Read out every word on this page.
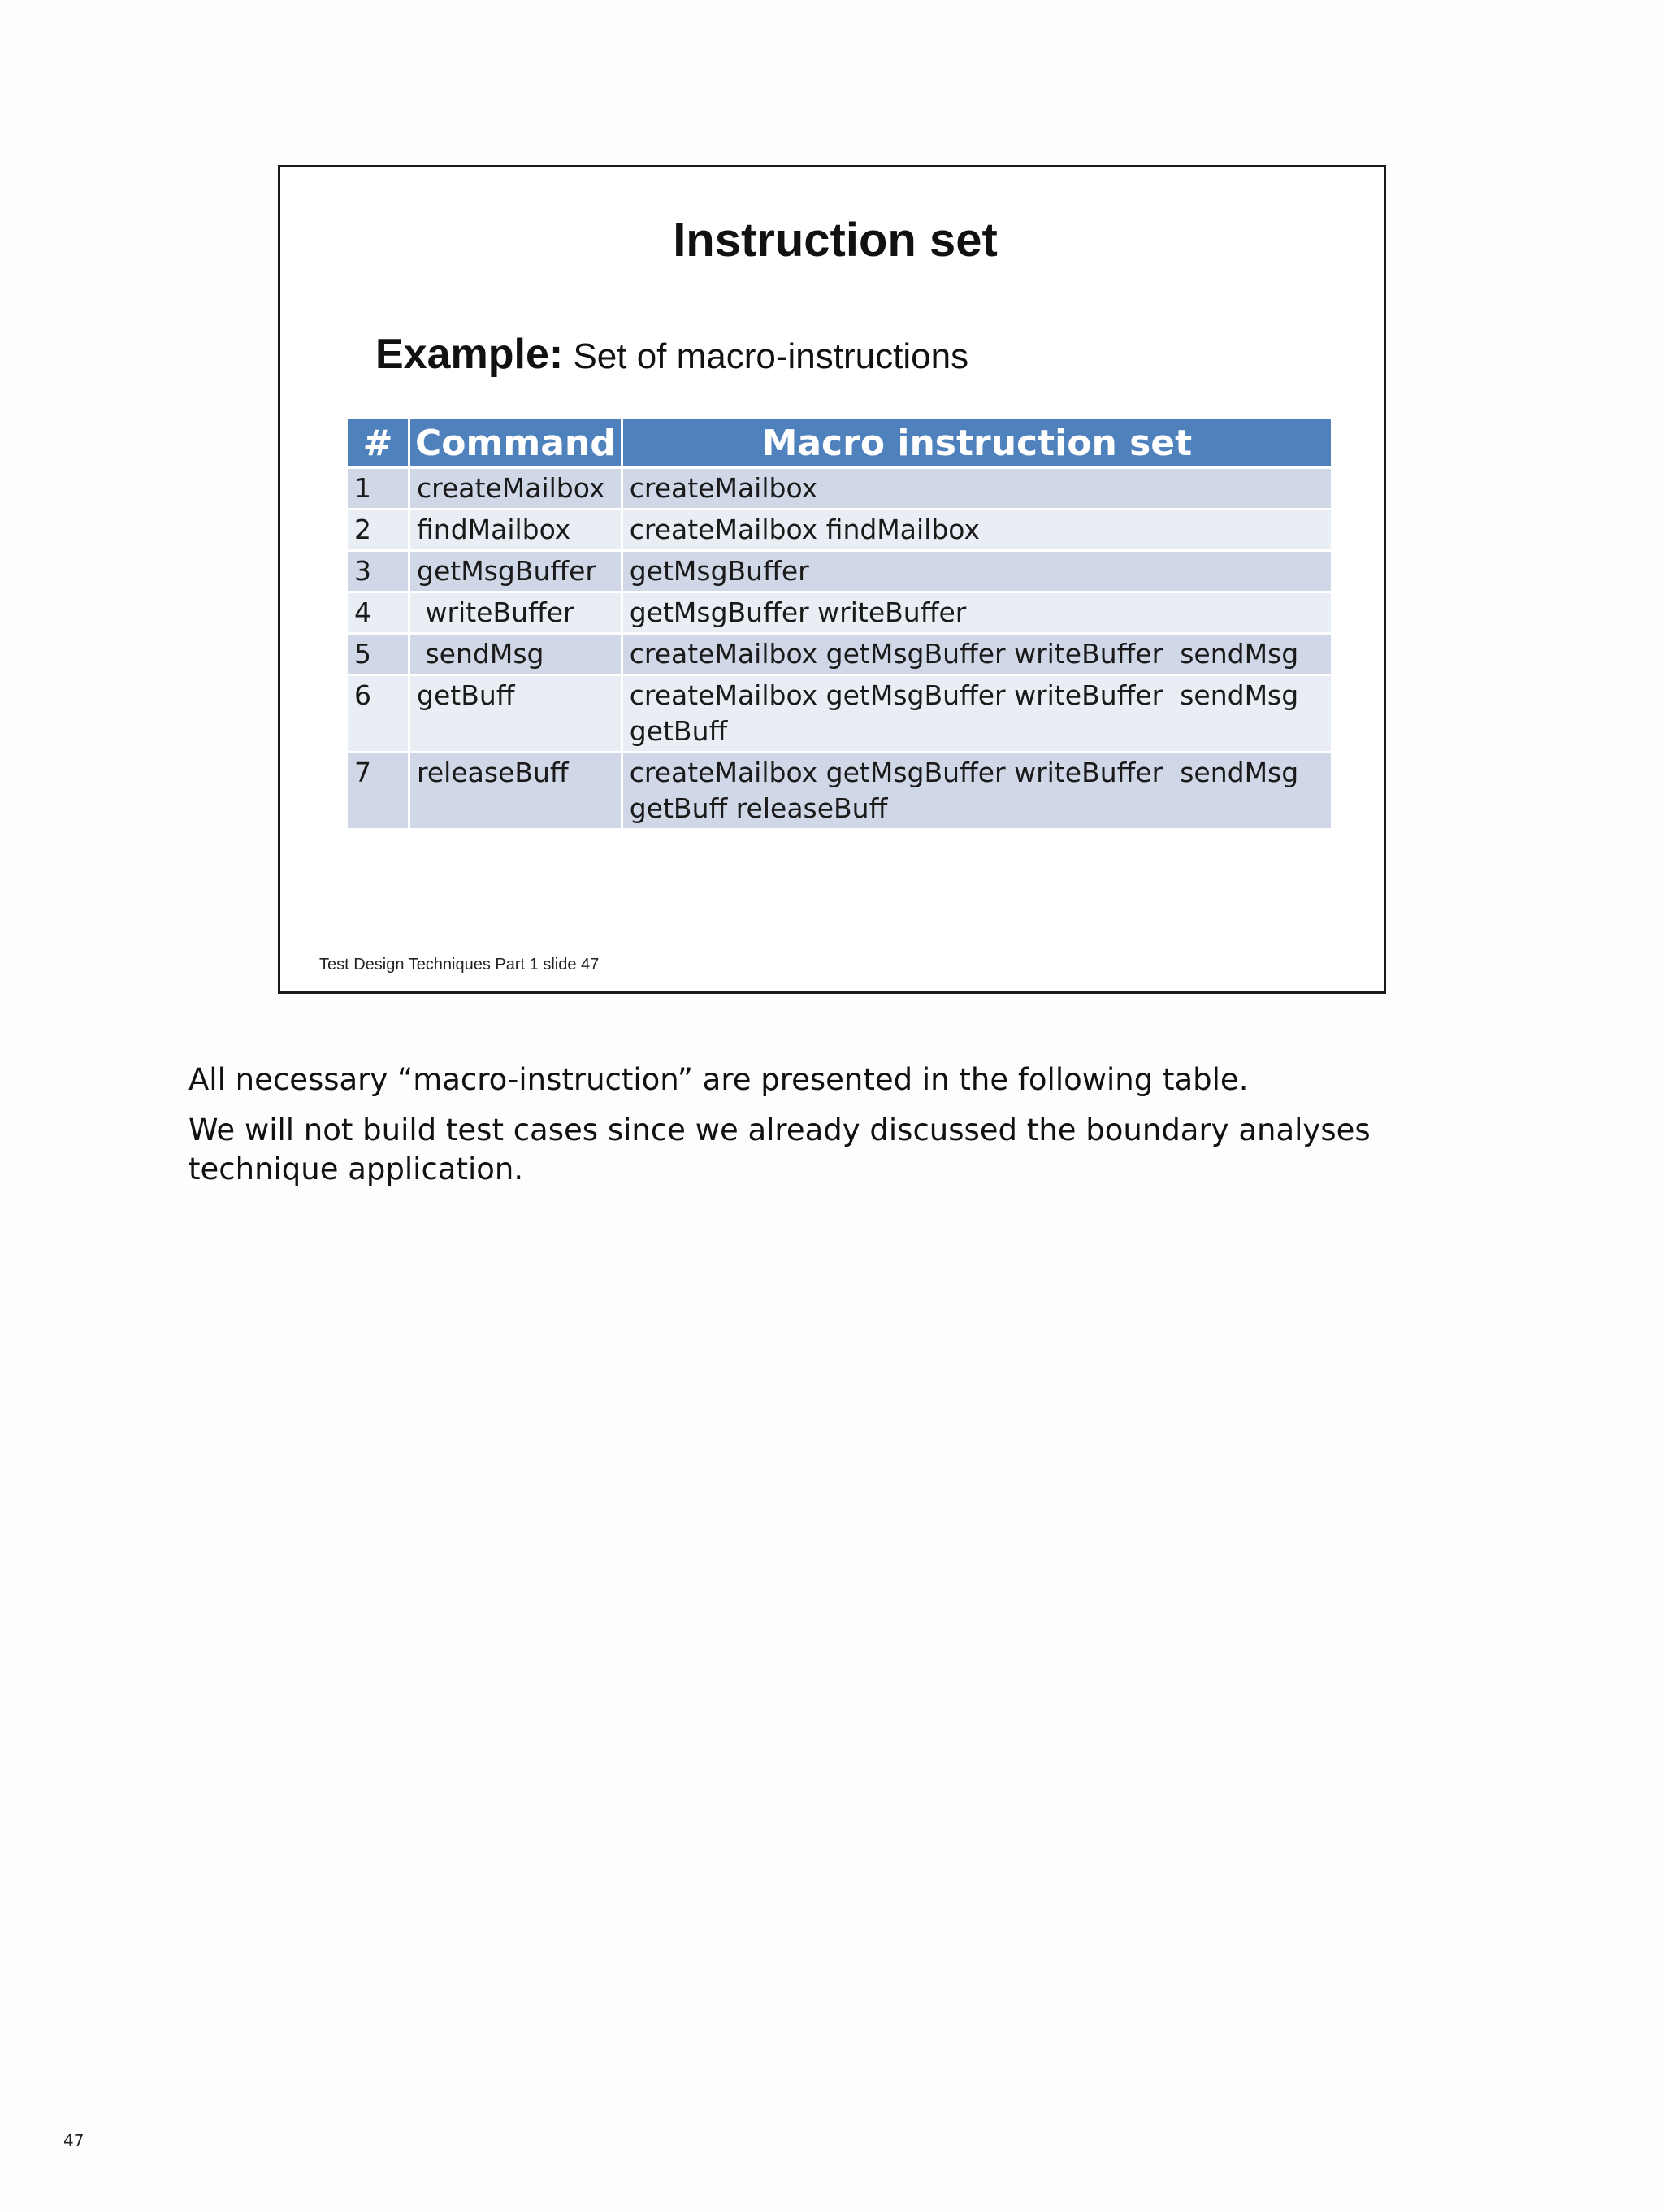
Instruction set
Example: Set of macro-instructions
#	Command	Macro instruction set
1	createMailbox	createMailbox

2	findMailbox	createMailbox findMailbox

3	getMsgBuffer	getMsgBuffer

4	writeBuffer	getMsgBuffer writeBuffer

5	sendMsg	createMailbox getMsgBuffer writeBuffer  sendMsg

6	getBuff	createMailbox getMsgBuffer writeBuffer  sendMsg
getBuff

7	releaseBuff	createMailbox getMsgBuffer writeBuffer  sendMsg
getBuff releaseBuff
Test Design Techniques Part 1 slide 47

All necessary “macro-instruction” are presented in the following table.

We will not build test cases since we already discussed the boundary analyses technique application.

47
